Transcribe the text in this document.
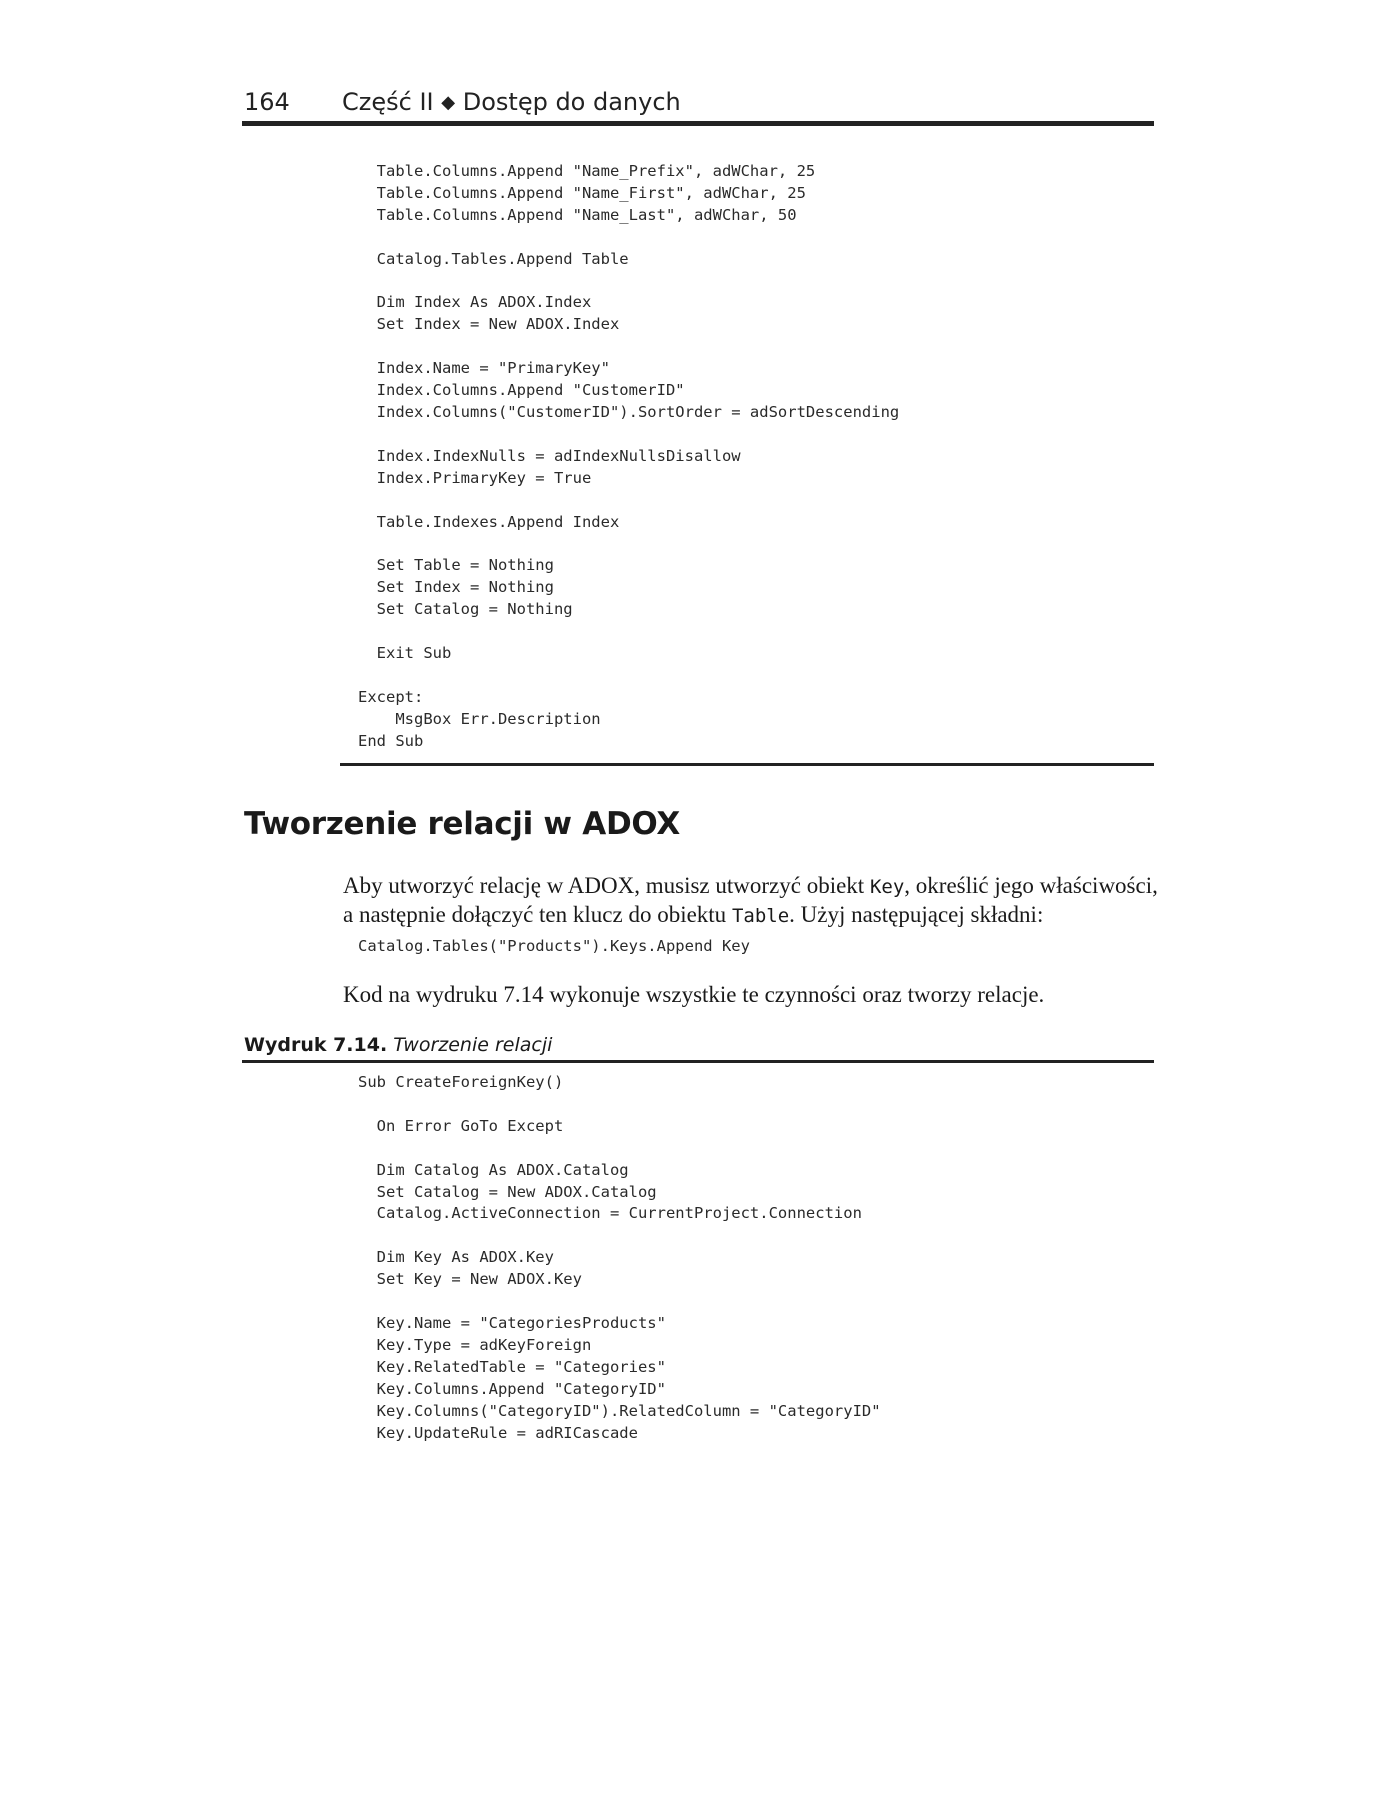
164 Część II ◆ Dostęp do danych
Table.Columns.Append "Name_Prefix", adWChar, 25
Table.Columns.Append "Name_First", adWChar, 25
Table.Columns.Append "Name_Last", adWChar, 50

Catalog.Tables.Append Table

Dim Index As ADOX.Index
Set Index = New ADOX.Index

Index.Name = "PrimaryKey"
Index.Columns.Append "CustomerID"
Index.Columns("CustomerID").SortOrder = adSortDescending

Index.IndexNulls = adIndexNullsDisallow
Index.PrimaryKey = True

Table.Indexes.Append Index

Set Table = Nothing
Set Index = Nothing
Set Catalog = Nothing

Exit Sub

Except:
MsgBox Err.Description
End Sub
Tworzenie relacji w ADOX

Aby utworzyć relację w ADOX, musisz utworzyć obiekt Key, określić jego właściwości, a następnie dołączyć ten klucz do obiektu Table. Użyj następującej składni:

Catalog.Tables("Products").Keys.Append Key

Kod na wydruku 7.14 wykonuje wszystkie te czynności oraz tworzy relacje.

Wydruk 7.14. Tworzenie relacji

Sub CreateForeignKey()

On Error GoTo Except

Dim Catalog As ADOX.Catalog
Set Catalog = New ADOX.Catalog
Catalog.ActiveConnection = CurrentProject.Connection

Dim Key As ADOX.Key
Set Key = New ADOX.Key

Key.Name = "CategoriesProducts"
Key.Type = adKeyForeign
Key.RelatedTable = "Categories"
Key.Columns.Append "CategoryID"
Key.Columns("CategoryID").RelatedColumn = "CategoryID"
Key.UpdateRule = adRICascade
